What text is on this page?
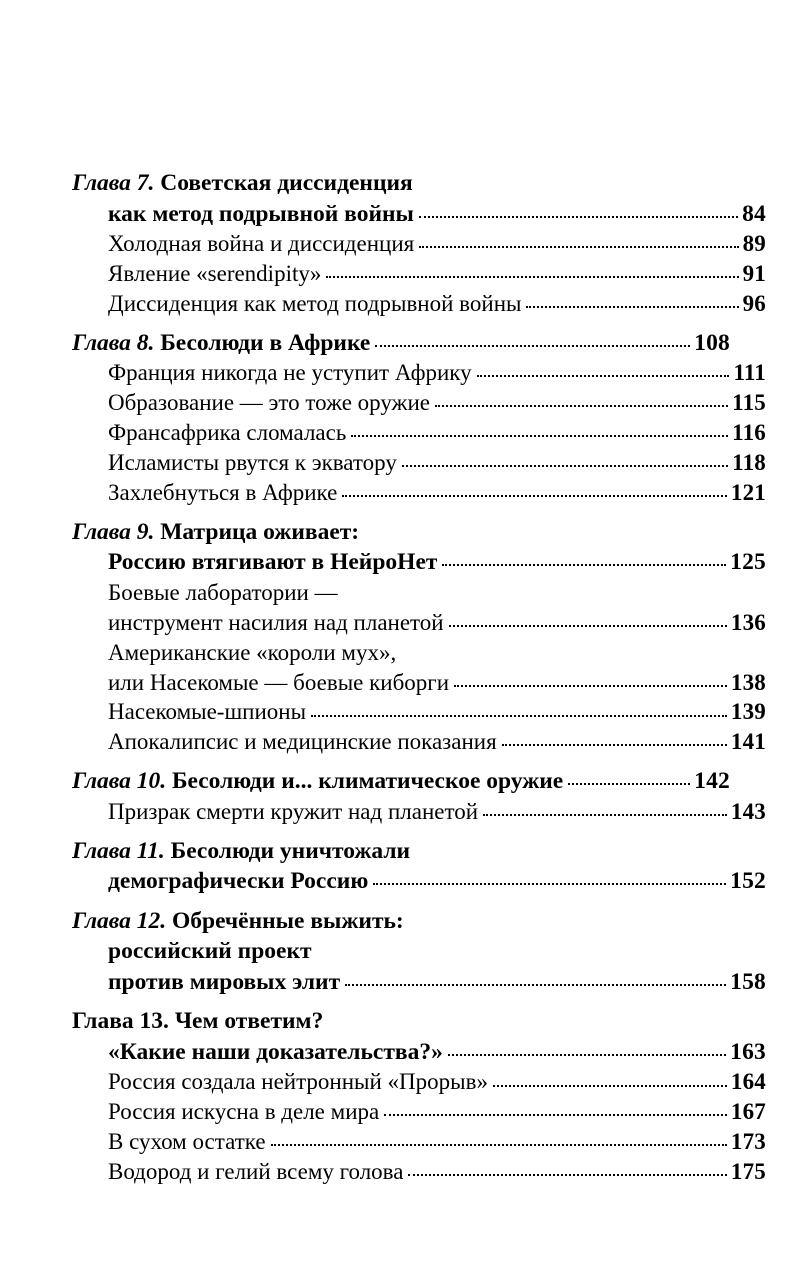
Глава 7. Советская диссиденция
как метод подрывной войны	84
Холодная война и диссиденция	89
Явление «serendipity»	91
Диссиденция как метод подрывной войны	96
Глава 8. Бесолюди в Африке	108
Франция никогда не уступит Африку	111
Образование — это тоже оружие	115
Франсафрика сломалась	116
Исламисты рвутся к экватору	118
Захлебнуться в Африке	121
Глава 9. Матрица оживает:
Россию втягивают в НейроНет	125
Боевые лаборатории —
инструмент насилия над планетой	136
Американские «короли мух»,
или Насекомые — боевые киборги	138
Насекомые-шпионы	139
Апокалипсис и медицинские показания	141
Глава 10. Бесолюди и... климатическое оружие	142
Призрак смерти кружит над планетой	143
Глава 11. Бесолюди уничтожали
демографически Россию	152
Глава 12. Обречённые выжить:
российский проект
против мировых элит	158
Глава 13. Чем ответим?
«Какие наши доказательства?»	163
Россия создала нейтронный «Прорыв»	164
Россия искусна в деле мира	167
В сухом остатке	173
Водород и гелий всему голова	175
